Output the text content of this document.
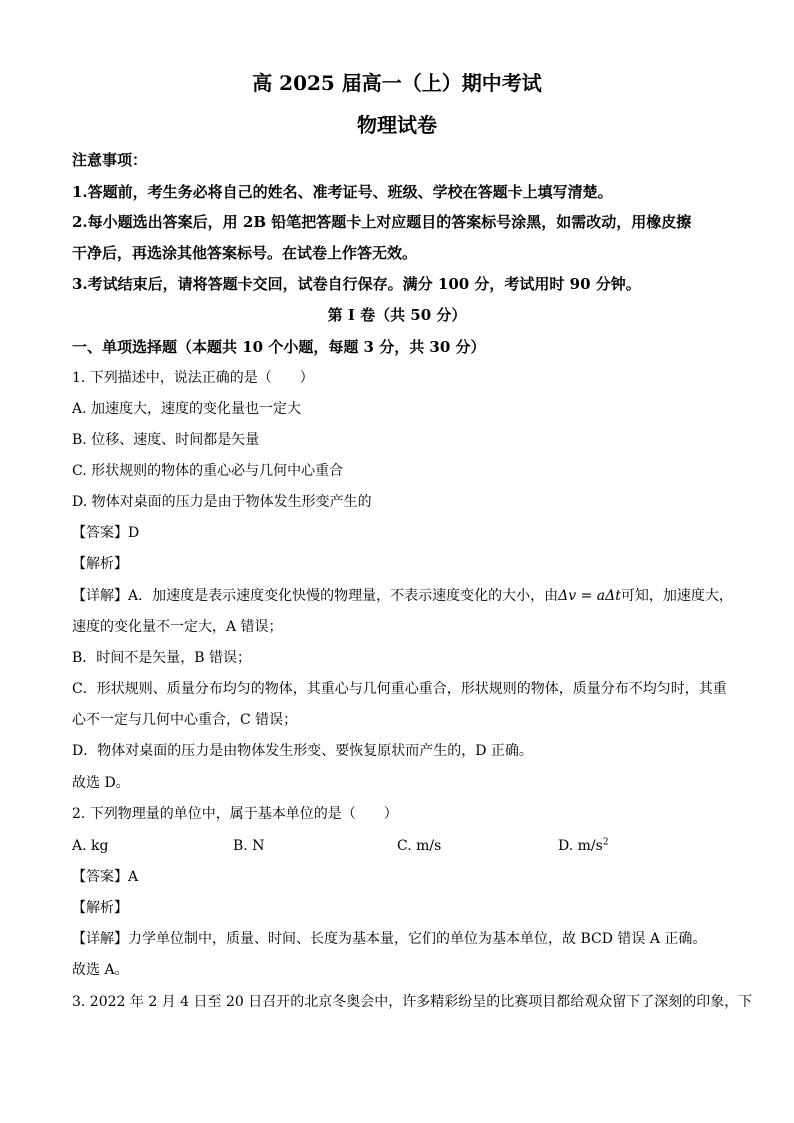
高 2025 届高一（上）期中考试
物理试卷
注意事项：
1.答题前，考生务必将自己的姓名、准考证号、班级、学校在答题卡上填写清楚。
2.每小题选出答案后，用 2B 铅笔把答题卡上对应题目的答案标号涂黑，如需改动，用橡皮擦
干净后，再选涂其他答案标号。在试卷上作答无效。
3.考试结束后，请将答题卡交回，试卷自行保存。满分 100 分，考试用时 90 分钟。
第 I 卷（共 50 分）
一、单项选择题（本题共 10 个小题，每题 3 分，共 30 分）
1. 下列描述中，说法正确的是（　　）
A. 加速度大，速度的变化量也一定大
B. 位移、速度、时间都是矢量
C. 形状规则的物体的重心必与几何中心重合
D. 物体对桌面的压力是由于物体发生形变产生的
【答案】D
【解析】
【详解】A．加速度是表示速度变化快慢的物理量，不表示速度变化的大小，由Δv = aΔt可知，加速度大，
速度的变化量不一定大，A 错误；
B．时间不是矢量，B 错误；
C．形状规则、质量分布均匀的物体，其重心与几何重心重合，形状规则的物体，质量分布不均匀时，其重
心不一定与几何中心重合，C 错误；
D．物体对桌面的压力是由物体发生形变、要恢复原状而产生的，D 正确。
故选 D。
2. 下列物理量的单位中，属于基本单位的是（　　）
A. kg	B. N	C. m/s	D. $m/s^2$
【答案】A
【解析】
【详解】力学单位制中，质量、时间、长度为基本量，它们的单位为基本单位，故 BCD 错误 A 正确。
故选 A。
3. 2022 年 2 月 4 日至 20 日召开的北京冬奥会中，许多精彩纷呈的比赛项目都给观众留下了深刻的印象，下
